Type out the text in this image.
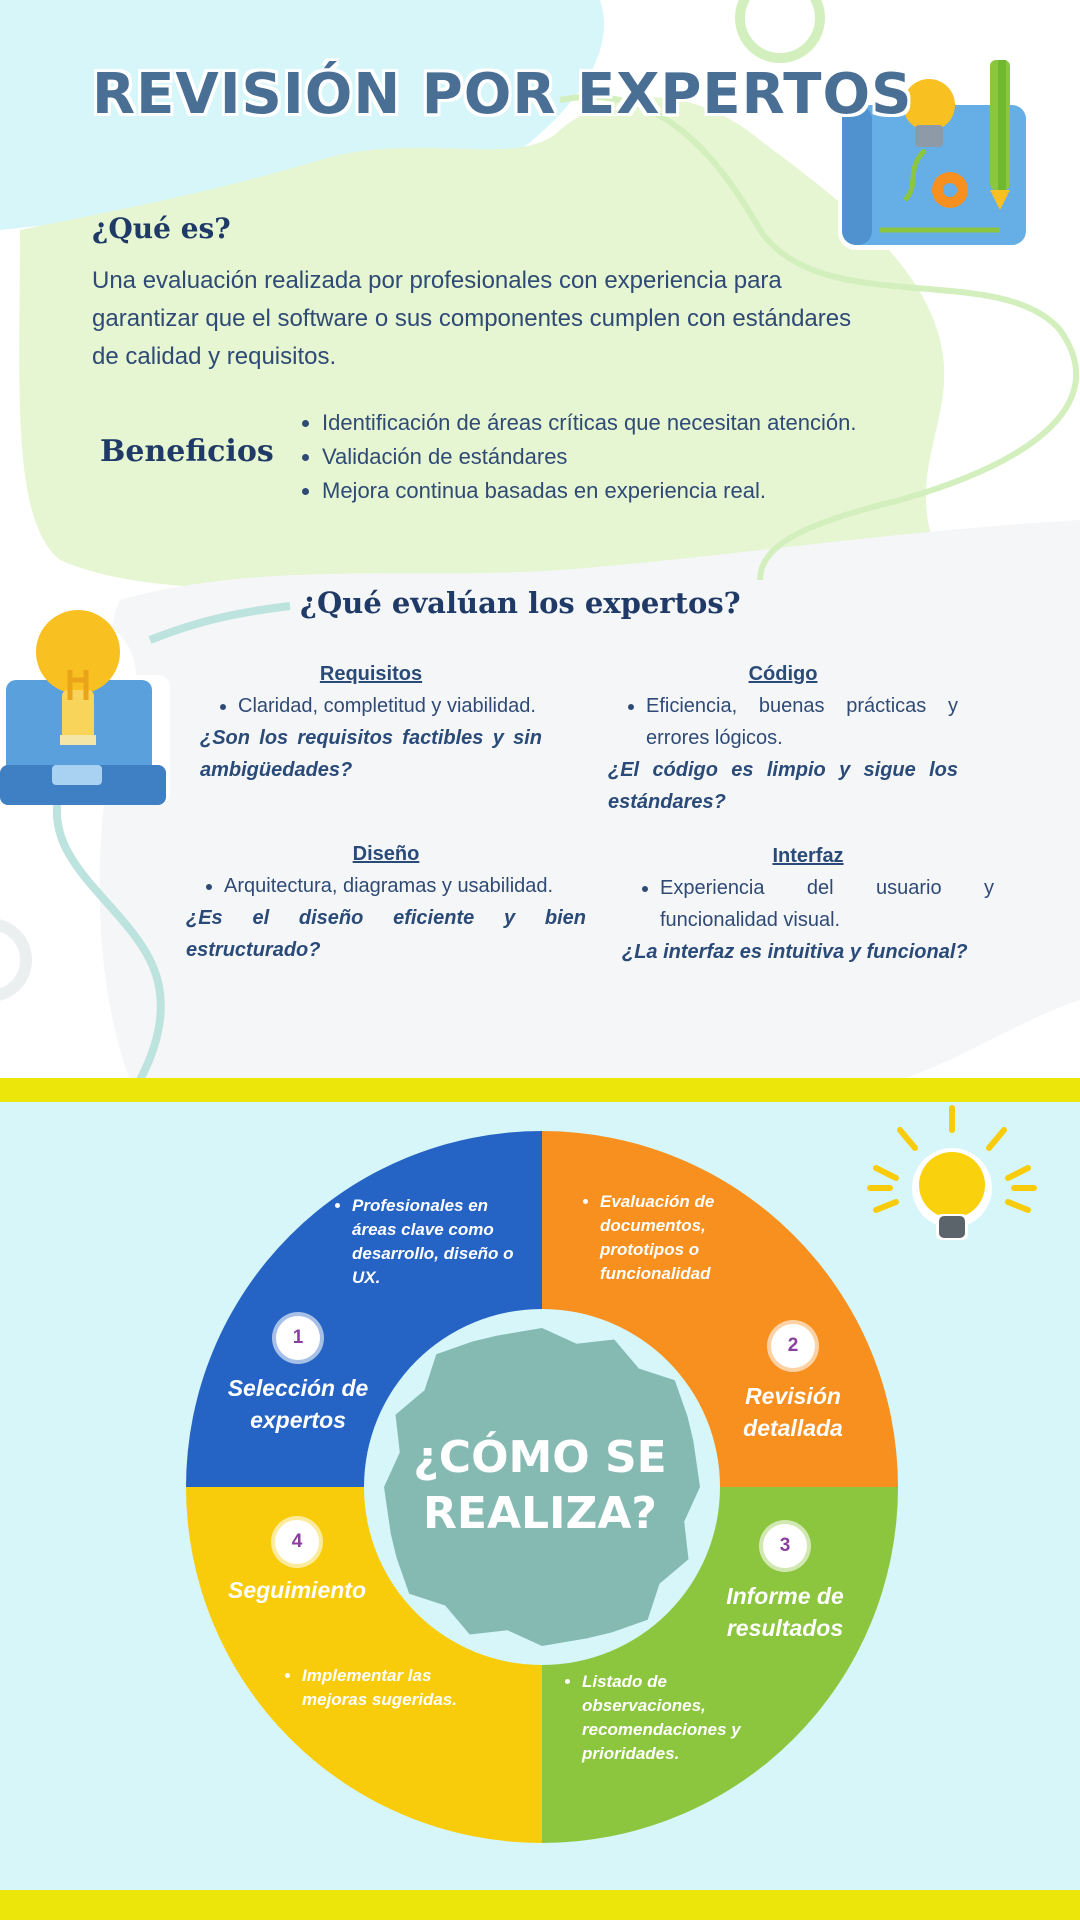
REVISIÓN POR EXPERTOS
¿Qué es?
Una evaluación realizada por profesionales con experiencia para garantizar que el software o sus componentes cumplen con estándares de calidad y requisitos.
Beneficios
• Identificación de áreas críticas que necesitan atención.
• Validación de estándares
• Mejora continua basadas en experiencia real.
¿Qué evalúan los expertos?
Requisitos
• Claridad, completitud y viabilidad.
¿Son los requisitos factibles y sin ambigüedades?
Código
• Eficiencia, buenas prácticas y errores lógicos.
¿El código es limpio y sigue los estándares?
Diseño
• Arquitectura, diagramas y usabilidad.
¿Es el diseño eficiente y bien estructurado?
Interfaz
• Experiencia del usuario y funcionalidad visual.
¿La interfaz es intuitiva y funcional?
• Profesionales en áreas clave como desarrollo, diseño o UX.
1
Selección de
expertos
• Evaluación de documentos, prototipos o funcionalidad
2
Revisión
detallada
3
Informe de
resultados
• Listado de observaciones, recomendaciones y prioridades.
4
Seguimiento
• Implementar las mejoras sugeridas.
¿CÓMO SE
REALIZA?
